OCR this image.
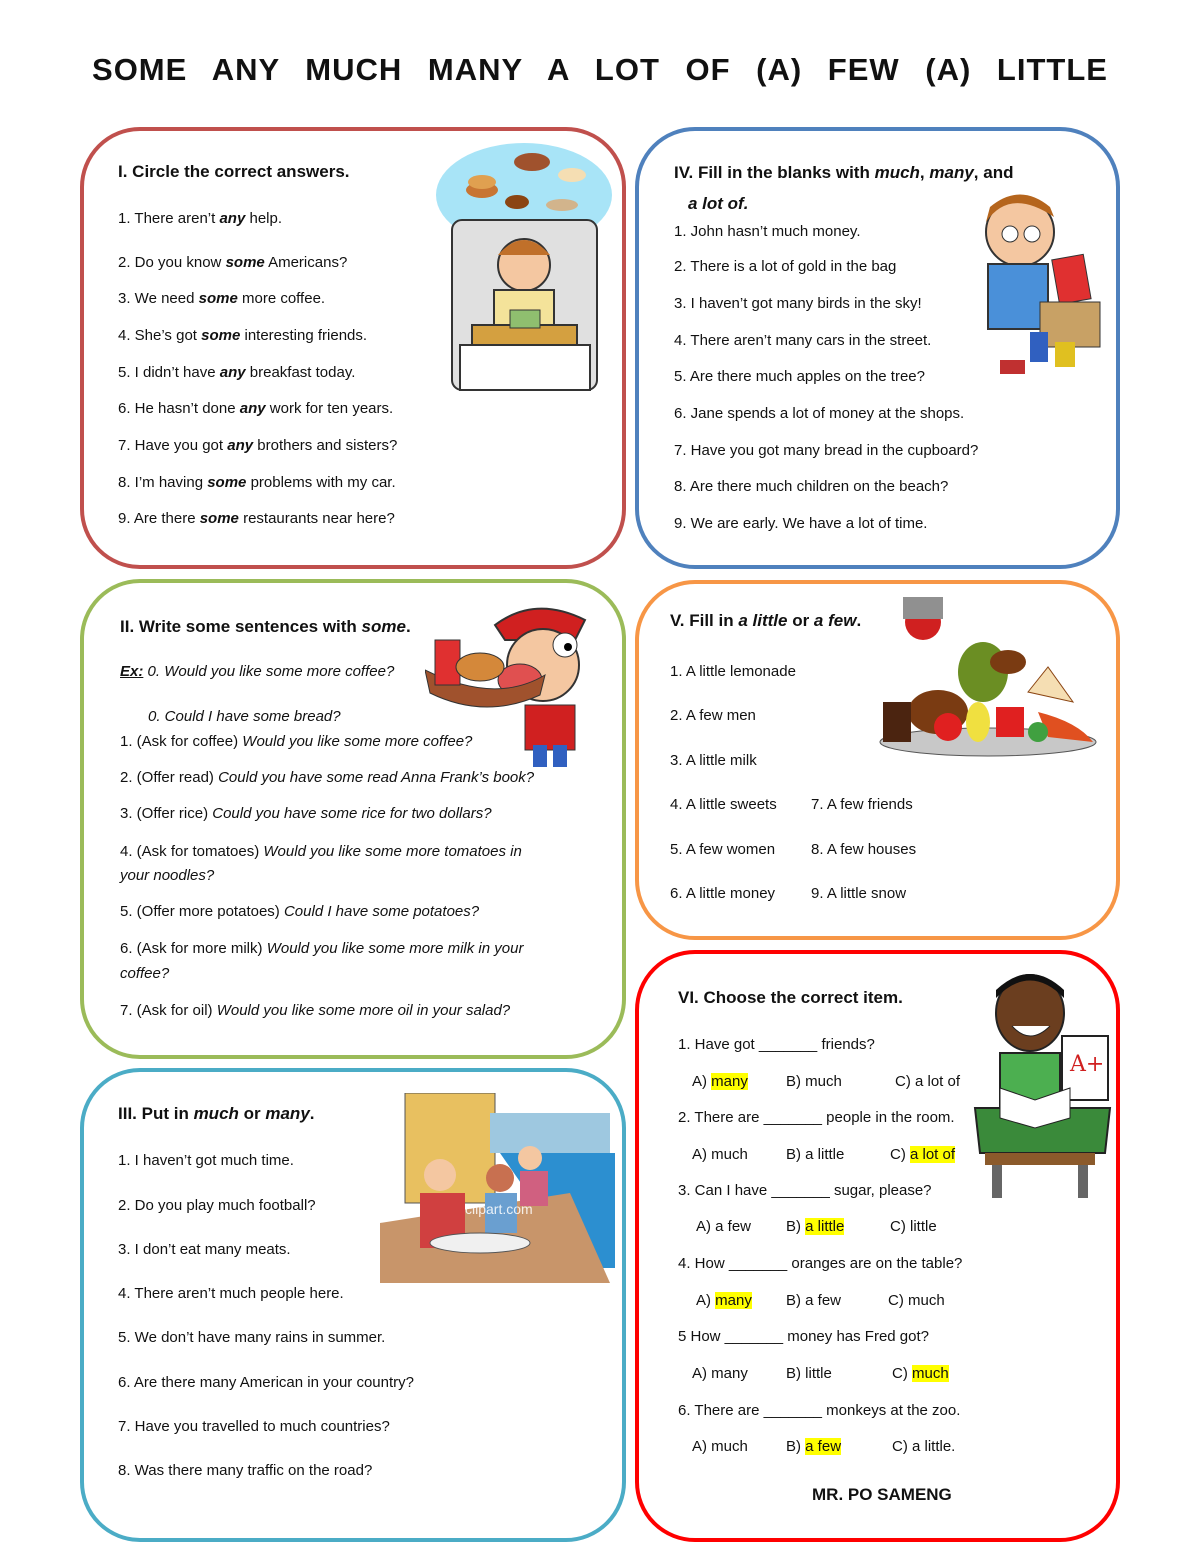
SOME ANY MUCH MANY A LOT OF (A) FEW (A) LITTLE
I. Circle the correct answers.
1. There aren’t any help.
2. Do you know some Americans?
3. We need some more coffee.
4. She’s got some interesting friends.
5. I didn’t have any breakfast today.
6. He hasn’t done any work for ten years.
7. Have you got any brothers and sisters?
8. I’m having some problems with my car.
9. Are there some restaurants near here?
IV. Fill in the blanks with much, many, and
a lot of.
1. John hasn’t much money.
2. There is a lot of gold in the bag
3. I haven’t got many birds in the sky!
4. There aren’t many cars in the street.
5. Are there much apples on the tree?
6. Jane spends a lot of money at the shops.
7. Have you got many bread in the cupboard?
8. Are there much children on the beach?
9. We are early. We have a lot of time.
II. Write some sentences with some.
Ex: 0. Would you like some more coffee?
0. Could I have some bread?
1. (Ask for coffee) Would you like some more coffee?
2. (Offer read) Could you have some read Anna Frank’s book?
3. (Offer rice) Could you have some rice for two dollars?
4. (Ask for tomatoes) Would you like some more tomatoes in
your noodles?
5. (Offer more potatoes) Could I have some potatoes?
6. (Ask for more milk) Would you like some more milk in your
coffee?
7. (Ask for oil) Would you like some more oil in your salad?
V. Fill in a little or a few.
1. A little lemonade
2. A few men
3. A little milk
4. A little sweets 7. A few friends
5. A few women 8. A few houses
6. A little money 9. A little snow
III. Put in much or many.
1. I haven’t got much time.
2. Do you play much football?
3. I don’t eat many meats.
4. There aren’t much people here.
5. We don’t have many rains in summer.
6. Are there many American in your country?
7. Have you travelled to much countries?
8. Was there many traffic on the road?
clipart.com
VI. Choose the correct item.
1. Have got _______ friends?
A) many	B) much	C) a lot of
2. There are _______ people in the room.
A) much	B) a little	C) a lot of
3. Can I have _______ sugar, please?
A) a few B) a little	C) little
4. How _______ oranges are on the table?
A) many B) a few	C) much
5 How _______ money has Fred got?
A) many	B) little	C) much
6. There are _______ monkeys at the zoo.
A) much	B) a few	C) a little.
A+
MR. PO SAMENG
